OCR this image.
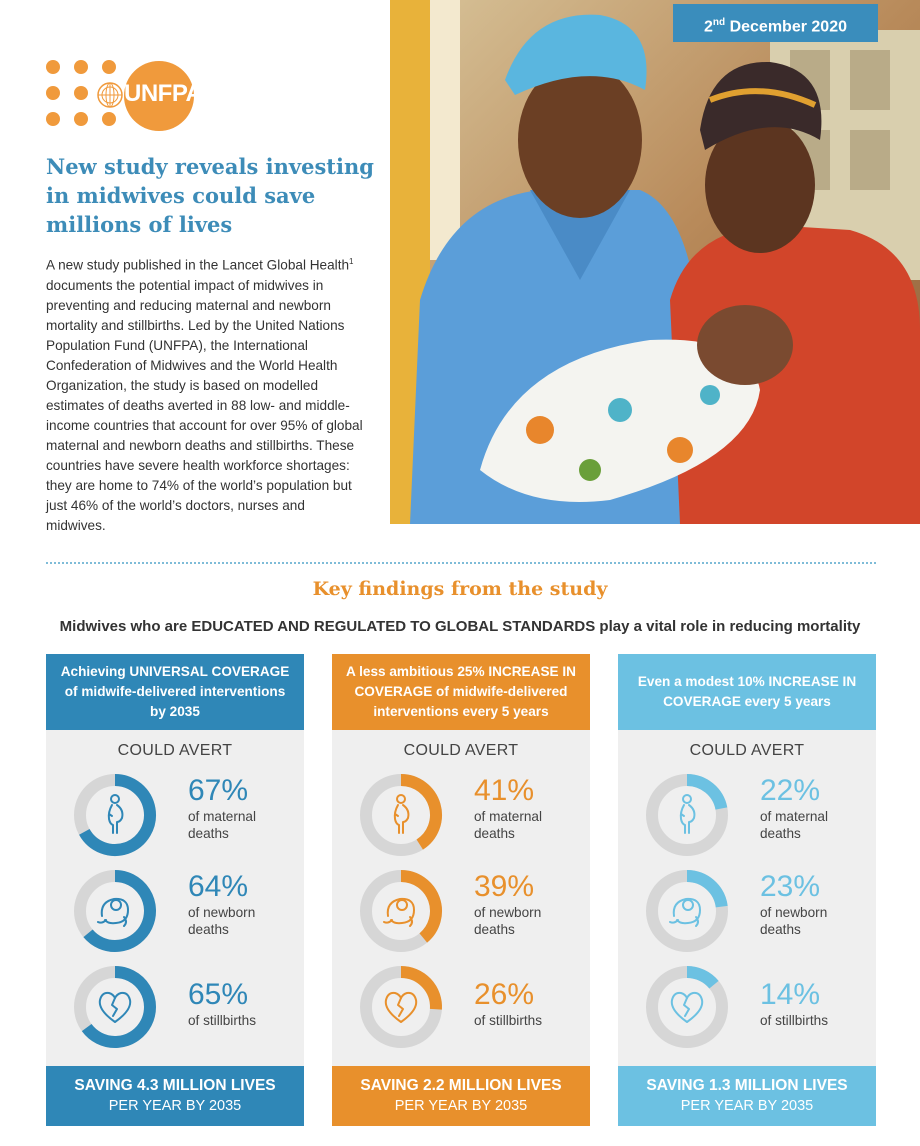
UNFPA
New study reveals investing in midwives could save millions of lives

A new study published in the Lancet Global Health$^1$ documents the potential impact of midwives in preventing and reducing maternal and newborn mortality and stillbirths. Led by the United Nations Population Fund (UNFPA), the International Confederation of Midwives and the World Health Organization, the study is based on modelled estimates of deaths averted in 88 low- and middle-income countries that account for over 95% of global maternal and newborn deaths and stillbirths. These countries have severe health workforce shortages: they are home to 74% of the world’s population but just 46% of the world’s doctors, nurses and midwives.

2nd December 2020
Key findings from the study

Midwives who are EDUCATED AND REGULATED TO GLOBAL STANDARDS play a vital role in reducing mortality

Achieving UNIVERSAL COVERAGE of midwife-delivered interventions by 2035
COULD AVERT
67%
of maternal deaths
64%
of newborn deaths
65%
of stillbirths
SAVING 4.3 MILLION LIVES
PER YEAR BY 2035
A less ambitious 25% INCREASE IN COVERAGE of midwife-delivered interventions every 5 years
COULD AVERT
41%
of maternal deaths
39%
of newborn deaths
26%
of stillbirths
SAVING 2.2 MILLION LIVES
PER YEAR BY 2035
Even a modest 10% INCREASE IN COVERAGE every 5 years
COULD AVERT
22%
of maternal deaths
23%
of newborn deaths
14%
of stillbirths
SAVING 1.3 MILLION LIVES
PER YEAR BY 2035
